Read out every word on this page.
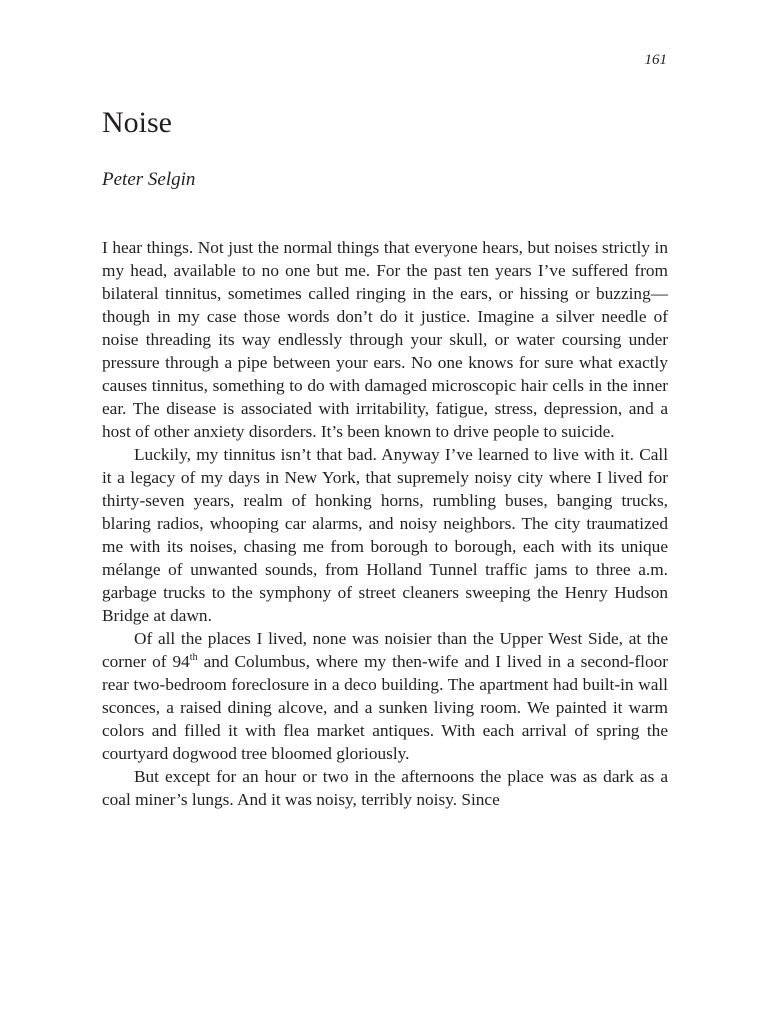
161
Noise
Peter Selgin

I hear things. Not just the normal things that everyone hears, but noises strictly in my head, available to no one but me. For the past ten years I’ve suffered from bilateral tinnitus, sometimes called ringing in the ears, or hissing or buzzing—though in my case those words don’t do it justice. Imagine a silver needle of noise threading its way endlessly through your skull, or water coursing under pressure through a pipe between your ears. No one knows for sure what exactly causes tinnitus, something to do with damaged microscopic hair cells in the inner ear. The disease is associated with irritability, fatigue, stress, depression, and a host of other anxiety disorders. It’s been known to drive people to suicide.

Luckily, my tinnitus isn’t that bad. Anyway I’ve learned to live with it. Call it a legacy of my days in New York, that supremely noisy city where I lived for thirty-seven years, realm of honking horns, rumbling buses, banging trucks, blaring radios, whooping car alarms, and noisy neighbors. The city traumatized me with its noises, chasing me from borough to borough, each with its unique mélange of unwanted sounds, from Holland Tunnel traffic jams to three a.m. garbage trucks to the symphony of street cleaners sweeping the Henry Hudson Bridge at dawn.

Of all the places I lived, none was noisier than the Upper West Side, at the corner of 94th and Columbus, where my then-wife and I lived in a second-floor rear two-bedroom foreclosure in a deco building. The apartment had built-in wall sconces, a raised dining alcove, and a sunken living room. We painted it warm colors and filled it with flea market antiques. With each arrival of spring the courtyard dogwood tree bloomed gloriously.

But except for an hour or two in the afternoons the place was as dark as a coal miner’s lungs. And it was noisy, terribly noisy. Since
